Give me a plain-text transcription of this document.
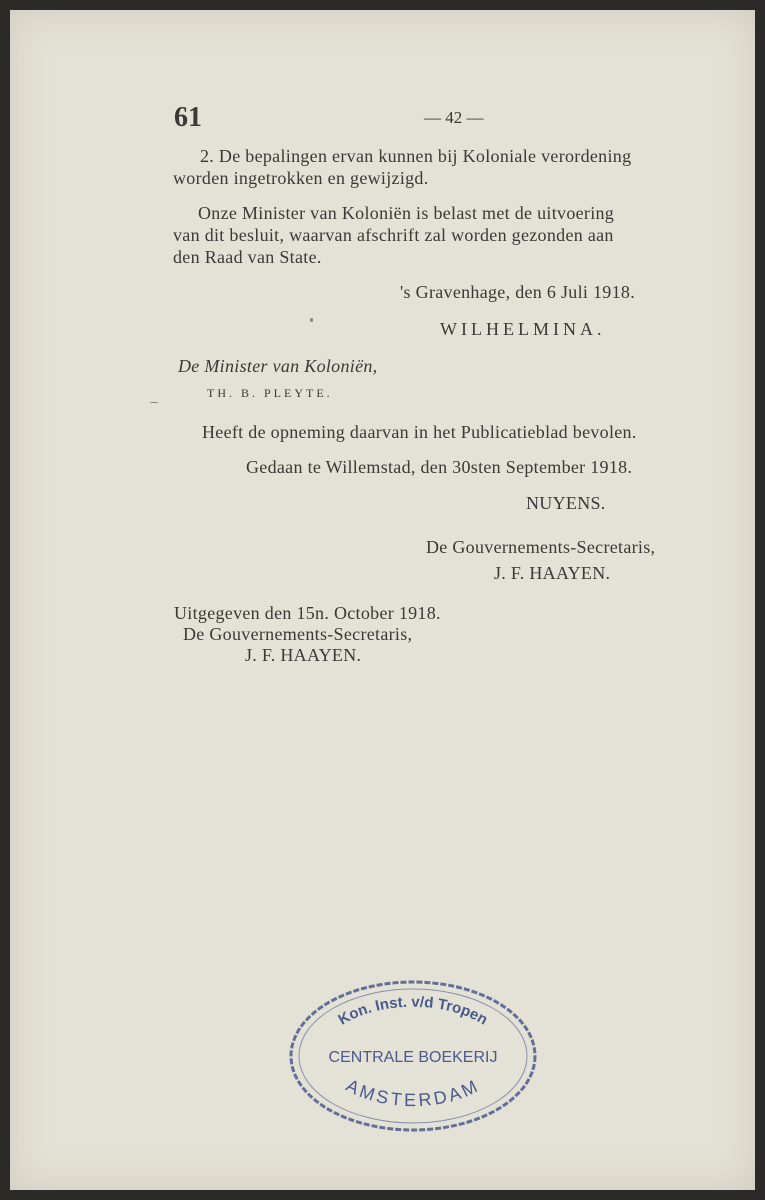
61	— 42 —
2. De bepalingen ervan kunnen bij Koloniale verordening
worden ingetrokken en gewijzigd.
Onze Minister van Koloniën is belast met de uitvoering
van dit besluit, waarvan afschrift zal worden gezonden aan
den Raad van State.
's Gravenhage, den 6 Juli 1918.
WILHELMINA.
De Minister van Koloniën,
TH. B. PLEYTE.
Heeft de opneming daarvan in het Publicatieblad bevolen.
Gedaan te Willemstad, den 30sten September 1918.
NUYENS.
De Gouvernements-Secretaris,
J. F. HAAYEN.
Uitgegeven den 15n. October 1918.
De Gouvernements-Secretaris,
J. F. HAAYEN.
Kon. Inst. v/d Tropen
CENTRALE BOEKERIJ
AMSTERDAM
